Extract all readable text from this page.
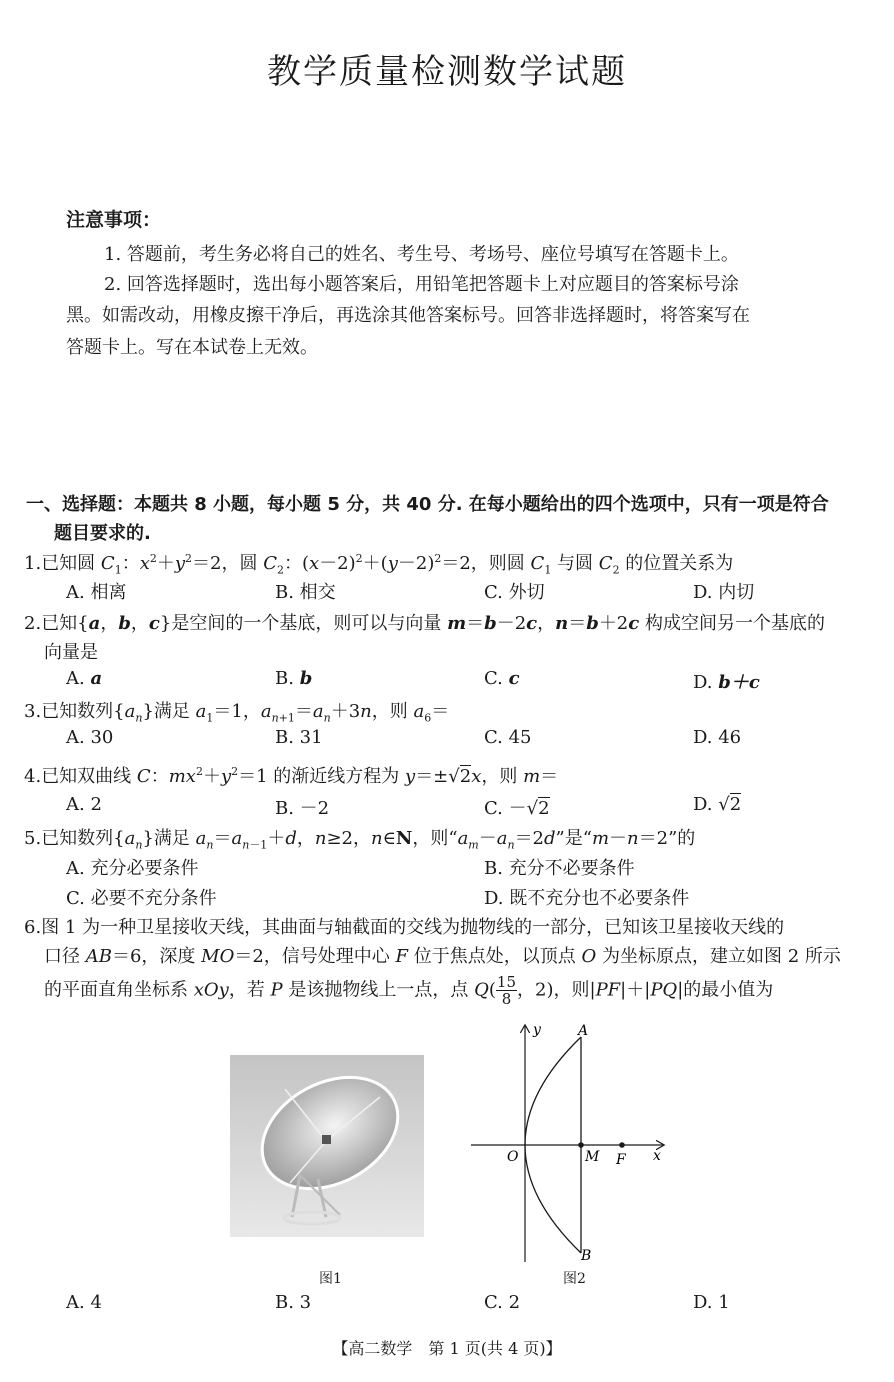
教学质量检测数学试题
注意事项：
1. 答题前，考生务必将自己的姓名、考生号、考场号、座位号填写在答题卡上。
2. 回答选择题时，选出每小题答案后，用铅笔把答题卡上对应题目的答案标号涂
黑。如需改动，用橡皮擦干净后，再选涂其他答案标号。回答非选择题时，将答案写在
答题卡上。写在本试卷上无效。
一、选择题：本题共 8 小题，每小题 5 分，共 40 分. 在每小题给出的四个选项中，只有一项是符合
题目要求的.
1.已知圆 $C_1$：$x^2+y^2=2$，圆 $C_2$：$(x-2)^2+(y-2)^2=2$，则圆 $C_1$ 与圆 $C_2$ 的位置关系为
A. 相离	B. 相交	C. 外切	D. 内切
2.已知{a，b，c}是空间的一个基底，则可以与向量 m＝b－2c，n＝b＋2c 构成空间另一个基底的
向量是
A. a	B. b	C. c	D. b＋c
3.已知数列$\{a_n\}$满足 $a_1=1$，$a_{n+1}=a_n+3n$，则 $a_6=$
A. 30	B. 31	C. 45	D. 46
4.已知双曲线 C：$mx^2+y^2=1$ 的渐近线方程为 y＝±√2x，则 m＝
A. 2	B. －2	C. －√2	D. √2
5.已知数列$\{a_n\}$满足 $a_n=a_{n-1}+d$，n≥2，n∈N，则“$a_m-a_n=2d$”是“m－n＝2”的
A. 充分必要条件	B. 充分不必要条件
C. 必要不充分条件	D. 既不充分也不必要条件
6.图 1 为一种卫星接收天线，其曲面与轴截面的交线为抛物线的一部分，已知该卫星接收天线的
口径 AB＝6，深度 MO＝2，信号处理中心 F 位于焦点处，以顶点 O 为坐标原点，建立如图 2 所示
的平面直角坐标系 xOy，若 P 是该抛物线上一点，点 $Q( \frac{15}{8}$ ，2)，则|PF|＋|PQ|的最小值为
图1
y
x
A
B
O	M F
图2
A. 4	B. 3	C. 2	D. 1
【高二数学　第 1 页(共 4 页)】
